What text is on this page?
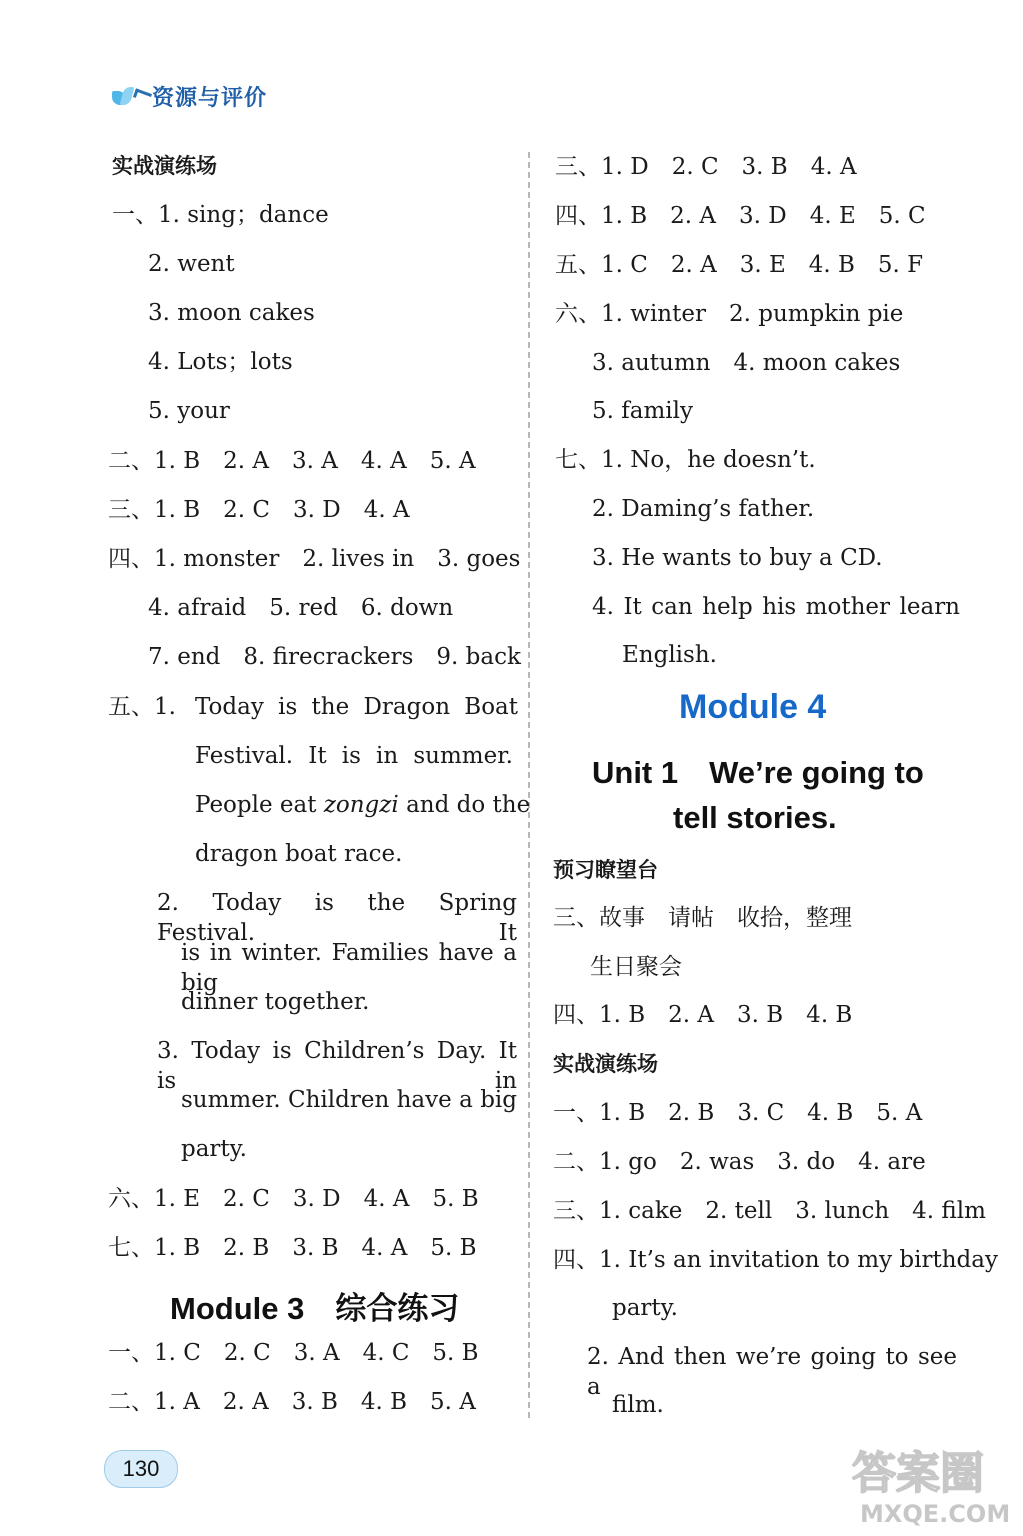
资源与评价
实战演练场
一、1. sing；dance
2. went
3. moon cakes
4. Lots；lots
5. your
二、1. B　2. A　3. A　4. A　5. A
三、1. B　2. C　3. D　4. A
四、1. monster　2. lives in　3. goes
4. afraid　5. red　6. down
7. end　8. firecrackers　9. back
五、1. Today is the Dragon Boat
Festival. It is in summer.
People eat zongzi and do the
dragon boat race.
2. Today is the Spring Festival. It
is in winter. Families have a big
dinner together.
3. Today is Children’s Day. It is in
summer. Children have a big
party.
六、1. E　2. C　3. D　4. A　5. B
七、1. B　2. B　3. B　4. A　5. B
Module 3　综合练习
一、1. C　2. C　3. A　4. C　5. B
二、1. A　2. A　3. B　4. B　5. A
三、1. D　2. C　3. B　4. A
四、1. B　2. A　3. D　4. E　5. C
五、1. C　2. A　3. E　4. B　5. F
六、1. winter　2. pumpkin pie
3. autumn　4. moon cakes
5. family
七、1. No，he doesn’t.
2. Daming’s father.
3. He wants to buy a CD.
4. It can help his mother learn
English.
Module 4
Unit 1　We’re going to
tell stories.
预习瞭望台
三、故事　请帖　收拾，整理
生日聚会
四、1. B　2. A　3. B　4. B
实战演练场
一、1. B　2. B　3. C　4. B　5. A
二、1. go　2. was　3. do　4. are
三、1. cake　2. tell　3. lunch　4. film
四、1. It’s an invitation to my birthday
party.
2. And then we’re going to see a
film.
130	答案圈
MXQE.COM
